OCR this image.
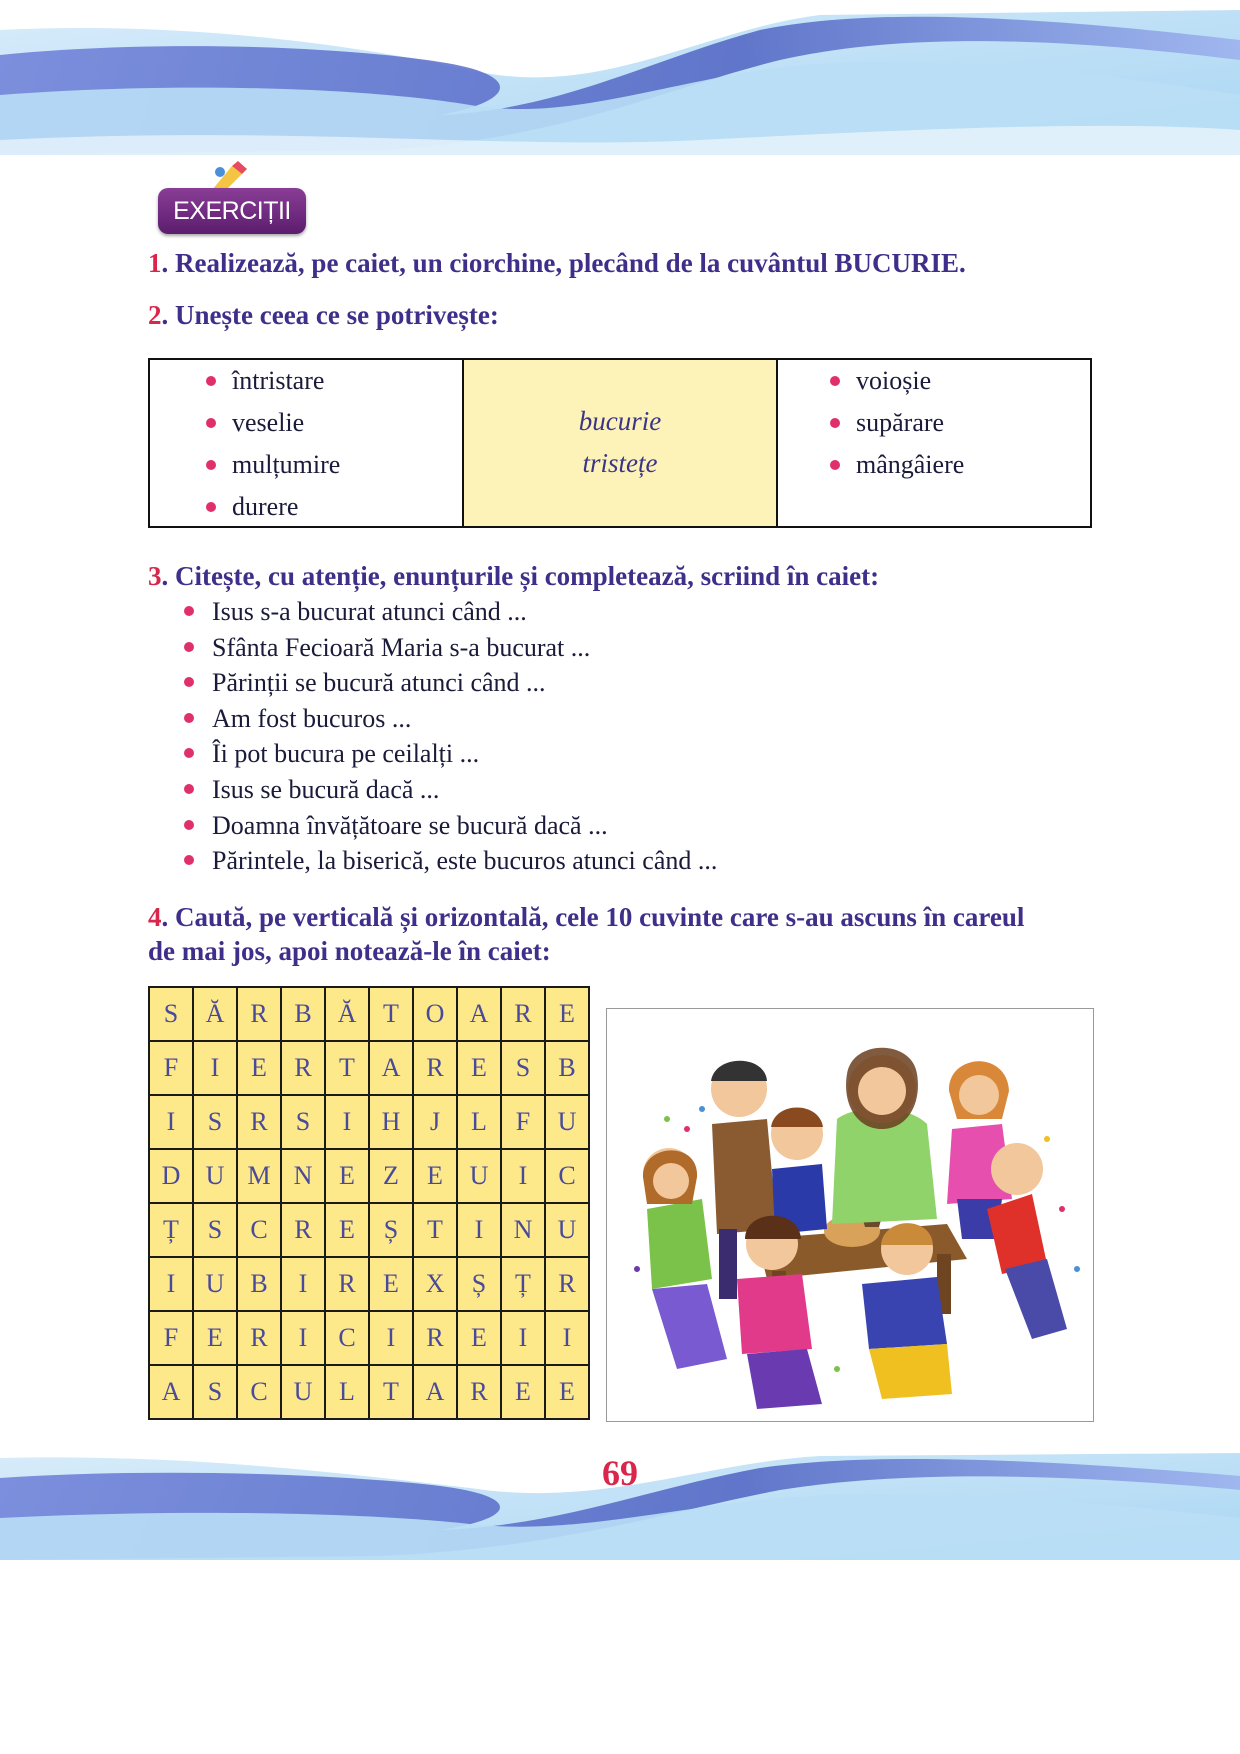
EXERCIȚII
1. Realizează, pe caiet, un ciorchine, plecând de la cuvântul BUCURIE.
2. Unește ceea ce se potrivește:
întristare
veselie
mulțumire
durere
bucurie
tristețe
voioșie
supărare
mângâiere
3. Citește, cu atenție, enunțurile și completează, scriind în caiet:
Isus s-a bucurat atunci când ...
Sfânta Fecioară Maria s-a bucurat ...
Părinții se bucură atunci când ...
Am fost bucuros ...
Îi pot bucura pe ceilalți ...
Isus se bucură dacă ...
Doamna învățătoare se bucură dacă ...
Părintele, la biserică, este bucuros atunci când ...
4. Caută, pe verticală și orizontală, cele 10 cuvinte care s-au ascuns în careul
de mai jos, apoi notează-le în caiet:
S	Ă	R	B	Ă	T	O	A	R	E
F	I	E	R	T	A	R	E	S	B
I	S	R	S	I	H	J	L	F	U
D	U	M	N	E	Z	E	U	I	C
Ț	S	C	R	E	Ș	T	I	N	U
I	U	B	I	R	E	X	Ș	Ț	R
F	E	R	I	C	I	R	E	I	I
A	S	C	U	L	T	A	R	E	E
69
